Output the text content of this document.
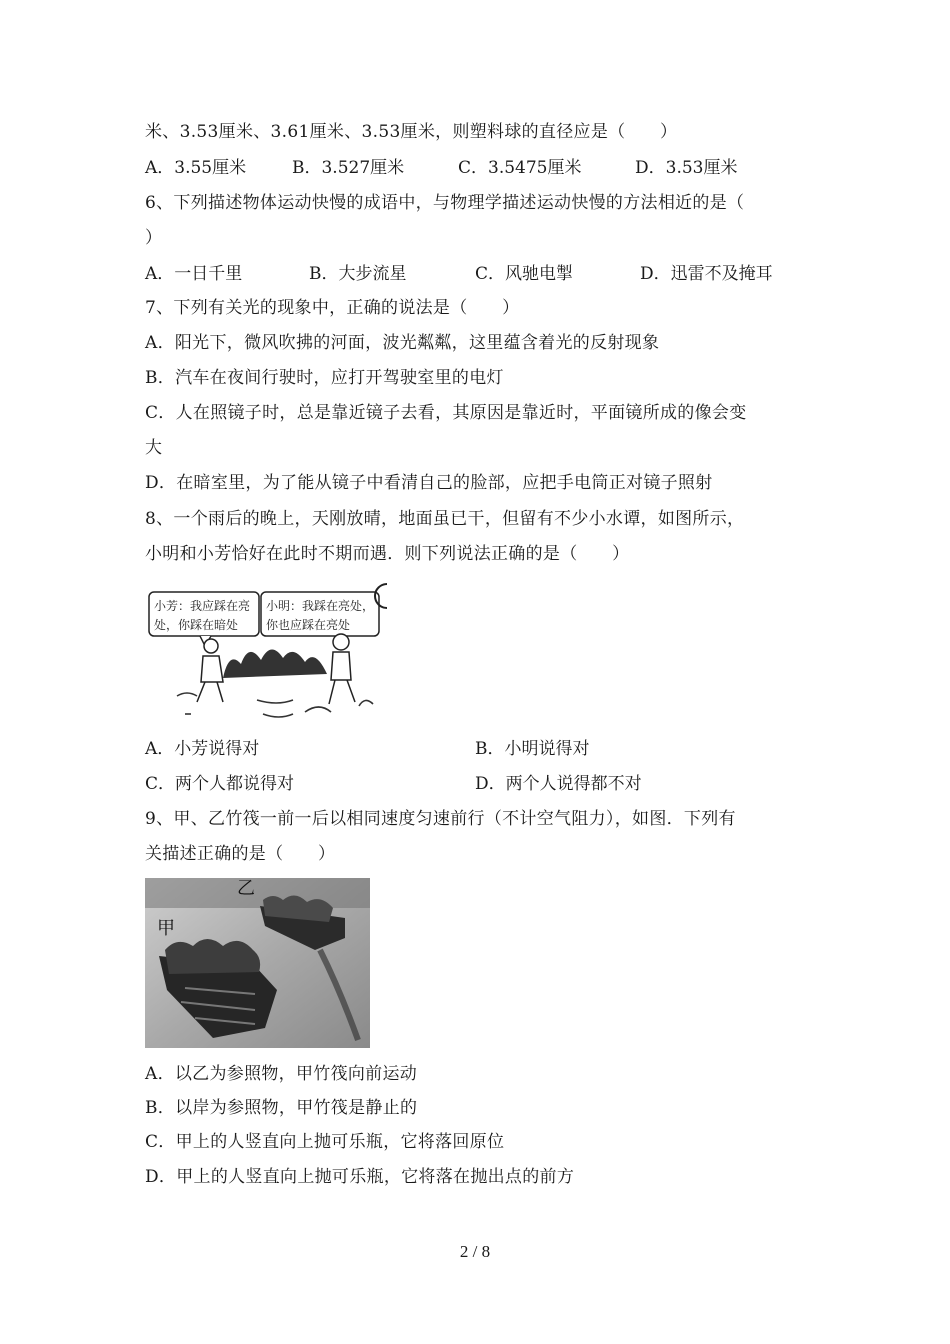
米、3.53厘米、3.61厘米、3.53厘米，则塑料球的直径应是（　　）
A．3.55厘米	B．3.527厘米	C．3.5475厘米	D．3.53厘米
6、下列描述物体运动快慢的成语中，与物理学描述运动快慢的方法相近的是（
）
A．一日千里	B．大步流星	C．风驰电掣	D．迅雷不及掩耳
7、下列有关光的现象中，正确的说法是（　　）
A．阳光下，微风吹拂的河面，波光粼粼，这里蕴含着光的反射现象
B．汽车在夜间行驶时，应打开驾驶室里的电灯
C．人在照镜子时，总是靠近镜子去看，其原因是靠近时，平面镜所成的像会变
大
D．在暗室里，为了能从镜子中看清自己的脸部，应把手电筒正对镜子照射
8、一个雨后的晚上，天刚放晴，地面虽已干，但留有不少小水谭，如图所示，
小明和小芳恰好在此时不期而遇．则下列说法正确的是（　　）
小芳：我应踩在亮
处，你踩在暗处
小明：我踩在亮处，
你也应踩在亮处
A．小芳说得对	B．小明说得对
C．两个人都说得对	D．两个人说得都不对
9、甲、乙竹筏一前一后以相同速度匀速前行（不计空气阻力），如图．下列有
关描述正确的是（　　）
乙
甲
A．以乙为参照物，甲竹筏向前运动
B．以岸为参照物，甲竹筏是静止的
C．甲上的人竖直向上抛可乐瓶，它将落回原位
D．甲上的人竖直向上抛可乐瓶，它将落在抛出点的前方
2 / 8
